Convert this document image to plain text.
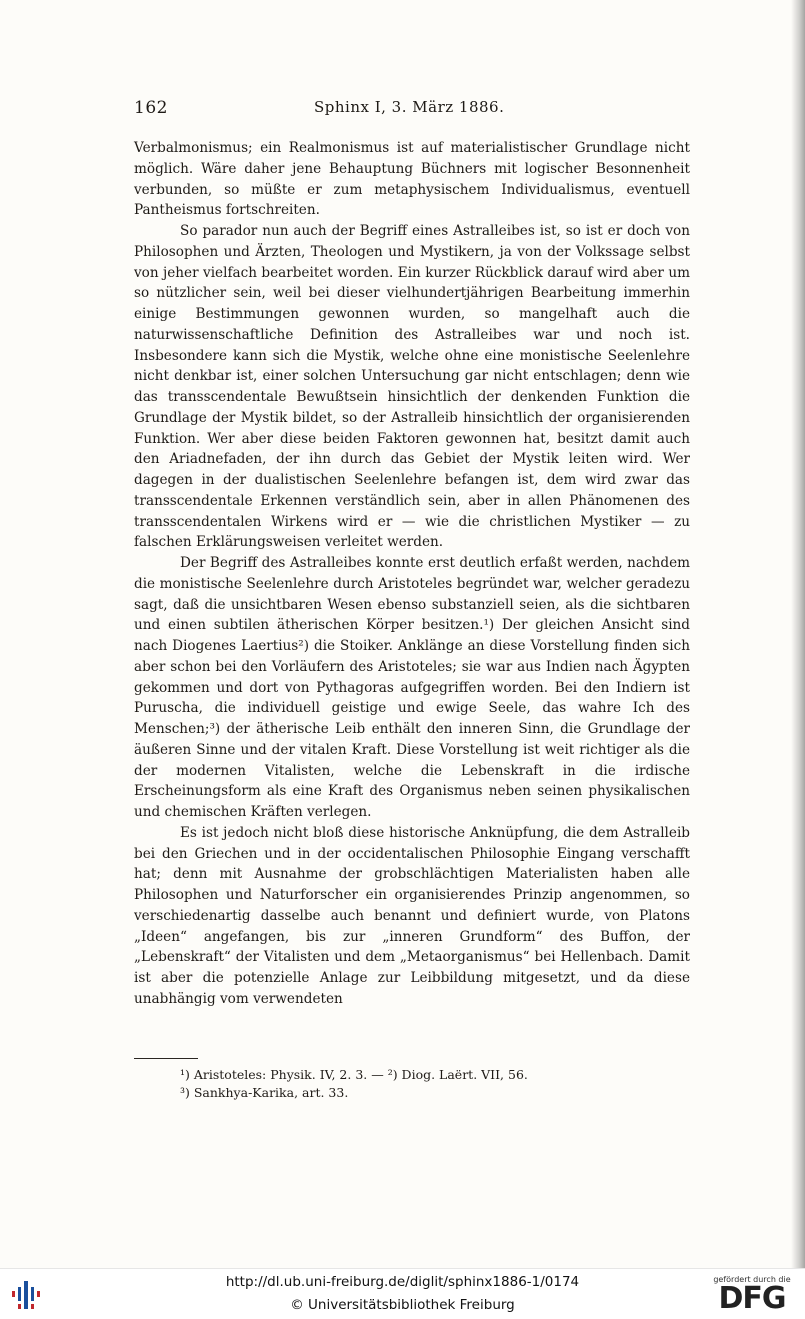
162	Sphinx I, 3. März 1886.

Verbalmonismus; ein Realmonismus ist auf materialistischer Grundlage nicht möglich. Wäre daher jene Behauptung Büchners mit logischer Besonnenheit verbunden, so müßte er zum metaphysischem Individualismus, eventuell Pantheismus fortschreiten.

So parador nun auch der Begriff eines Astralleibes ist, so ist er doch von Philosophen und Ärzten, Theologen und Mystikern, ja von der Volkssage selbst von jeher vielfach bearbeitet worden. Ein kurzer Rückblick darauf wird aber um so nützlicher sein, weil bei dieser vielhundertjährigen Bearbeitung immerhin einige Bestimmungen gewonnen wurden, so mangelhaft auch die naturwissenschaftliche Definition des Astralleibes war und noch ist. Insbesondere kann sich die Mystik, welche ohne eine monistische Seelenlehre nicht denkbar ist, einer solchen Untersuchung gar nicht entschlagen; denn wie das transscendentale Bewußtsein hinsichtlich der denkenden Funktion die Grundlage der Mystik bildet, so der Astralleib hinsichtlich der organisierenden Funktion. Wer aber diese beiden Faktoren gewonnen hat, besitzt damit auch den Ariadnefaden, der ihn durch das Gebiet der Mystik leiten wird. Wer dagegen in der dualistischen Seelenlehre befangen ist, dem wird zwar das transscendentale Erkennen verständlich sein, aber in allen Phänomenen des transscendentalen Wirkens wird er — wie die christlichen Mystiker — zu falschen Erklärungsweisen verleitet werden.

Der Begriff des Astralleibes konnte erst deutlich erfaßt werden, nachdem die monistische Seelenlehre durch Aristoteles begründet war, welcher geradezu sagt, daß die unsichtbaren Wesen ebenso substanziell seien, als die sichtbaren und einen subtilen ätherischen Körper besitzen.¹) Der gleichen Ansicht sind nach Diogenes Laertius²) die Stoiker. Anklänge an diese Vorstellung finden sich aber schon bei den Vorläufern des Aristoteles; sie war aus Indien nach Ägypten gekommen und dort von Pythagoras aufgegriffen worden. Bei den Indiern ist Puruscha, die individuell geistige und ewige Seele, das wahre Ich des Menschen;³) der ätherische Leib enthält den inneren Sinn, die Grundlage der äußeren Sinne und der vitalen Kraft. Diese Vorstellung ist weit richtiger als die der modernen Vitalisten, welche die Lebenskraft in die irdische Erscheinungsform als eine Kraft des Organismus neben seinen physikalischen und chemischen Kräften verlegen.

Es ist jedoch nicht bloß diese historische Anknüpfung, die dem Astralleib bei den Griechen und in der occidentalischen Philosophie Eingang verschafft hat; denn mit Ausnahme der grobschlächtigen Materialisten haben alle Philosophen und Naturforscher ein organisierendes Prinzip angenommen, so verschiedenartig dasselbe auch benannt und definiert wurde, von Platons „Ideen“ angefangen, bis zur „inneren Grundform“ des Buffon, der „Lebenskraft“ der Vitalisten und dem „Metaorganismus“ bei Hellenbach. Damit ist aber die potenzielle Anlage zur Leibbildung mitgesetzt, und da diese unabhängig vom verwendeten

¹) Aristoteles: Physik. IV, 2. 3. — ²) Diog. Laërt. VII, 56.
³) Sankhya-Karika, art. 33.
http://dl.ub.uni-freiburg.de/diglit/sphinx1886-1/0174
© Universitätsbibliothek Freiburg
gefördert durch die
DFG
